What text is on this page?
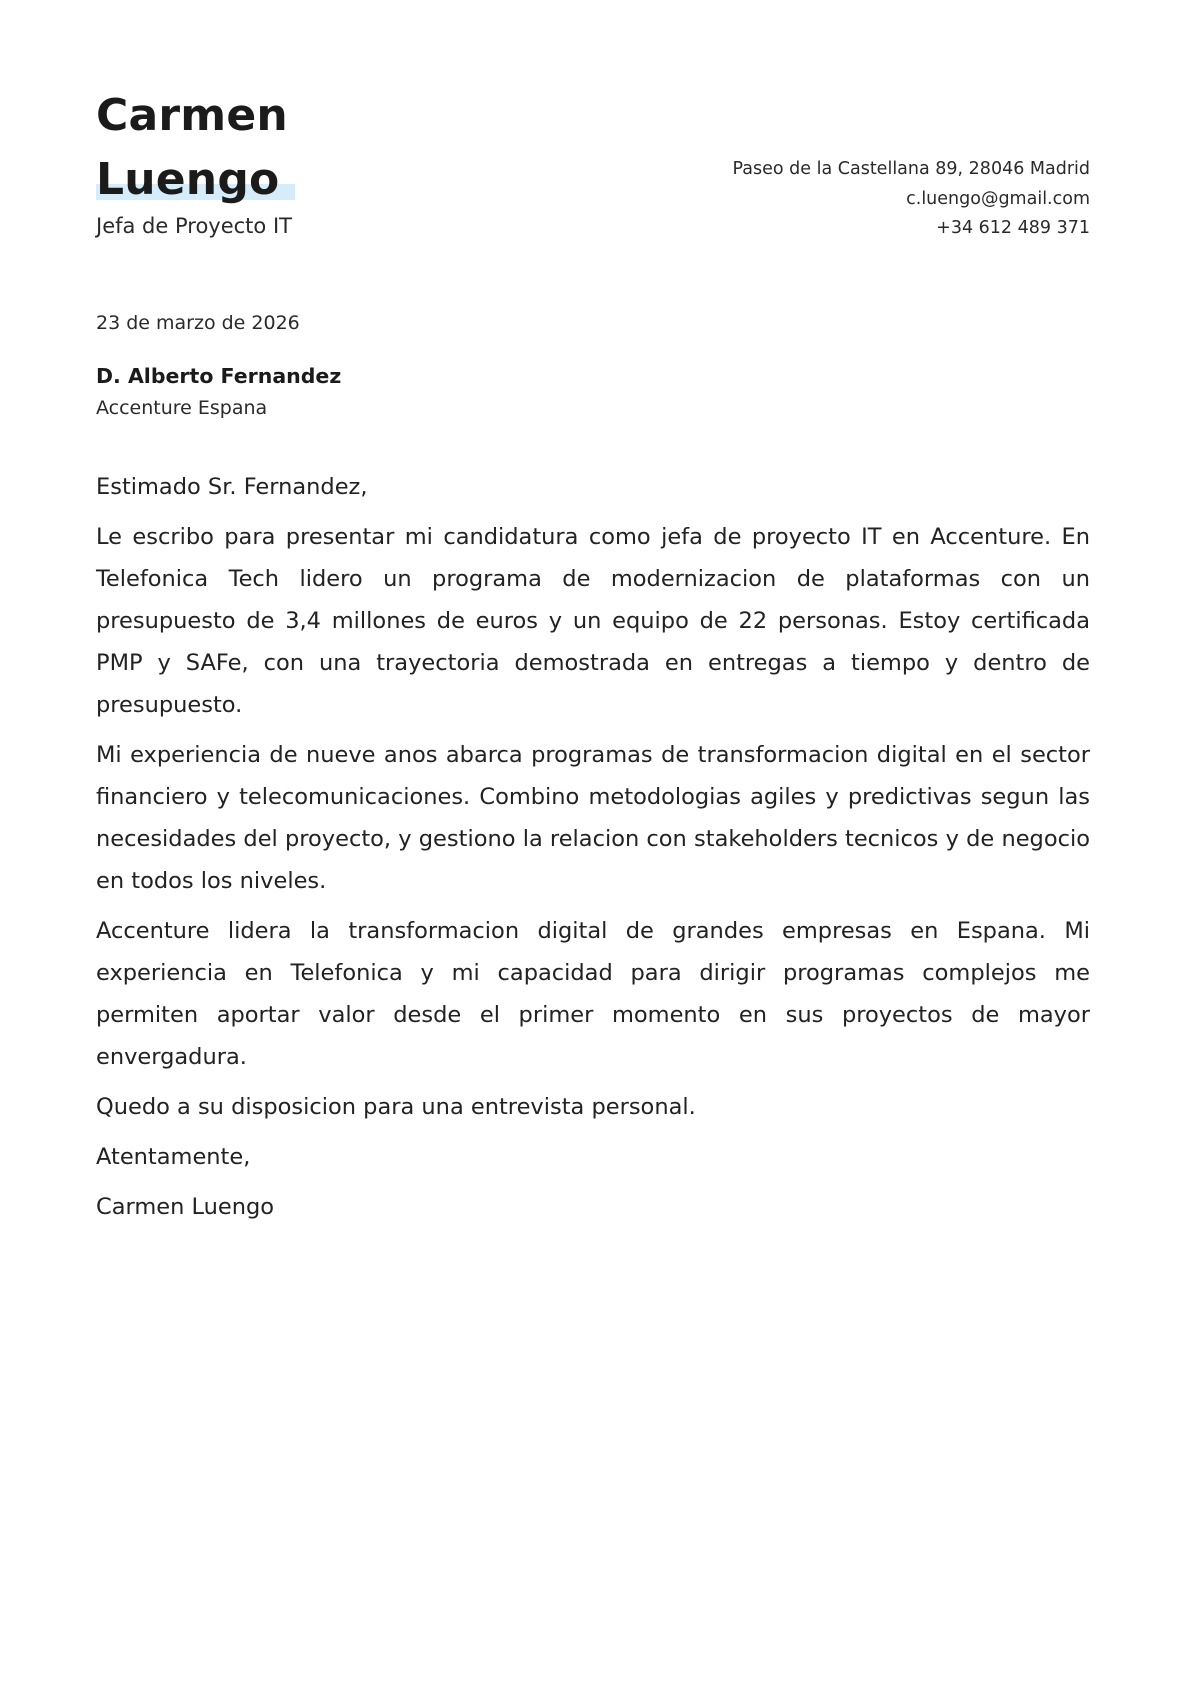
Carmen
Luengo
Jefa de Proyecto IT
Paseo de la Castellana 89, 28046 Madrid
c.luengo@gmail.com
+34 612 489 371
23 de marzo de 2026
D. Alberto Fernandez
Accenture Espana

Estimado Sr. Fernandez,

Le escribo para presentar mi candidatura como jefa de proyecto IT en Accenture. En Telefonica Tech lidero un programa de modernizacion de plataformas con un presupuesto de 3,4 millones de euros y un equipo de 22 personas. Estoy certificada PMP y SAFe, con una trayectoria demostrada en entregas a tiempo y dentro de presupuesto.

Mi experiencia de nueve anos abarca programas de transformacion digital en el sector financiero y telecomunicaciones. Combino metodologias agiles y predictivas segun las necesidades del proyecto, y gestiono la relacion con stakeholders tecnicos y de negocio en todos los niveles.

Accenture lidera la transformacion digital de grandes empresas en Espana. Mi experiencia en Telefonica y mi capacidad para dirigir programas complejos me permiten aportar valor desde el primer momento en sus proyectos de mayor envergadura.

Quedo a su disposicion para una entrevista personal.

Atentamente,

Carmen Luengo
